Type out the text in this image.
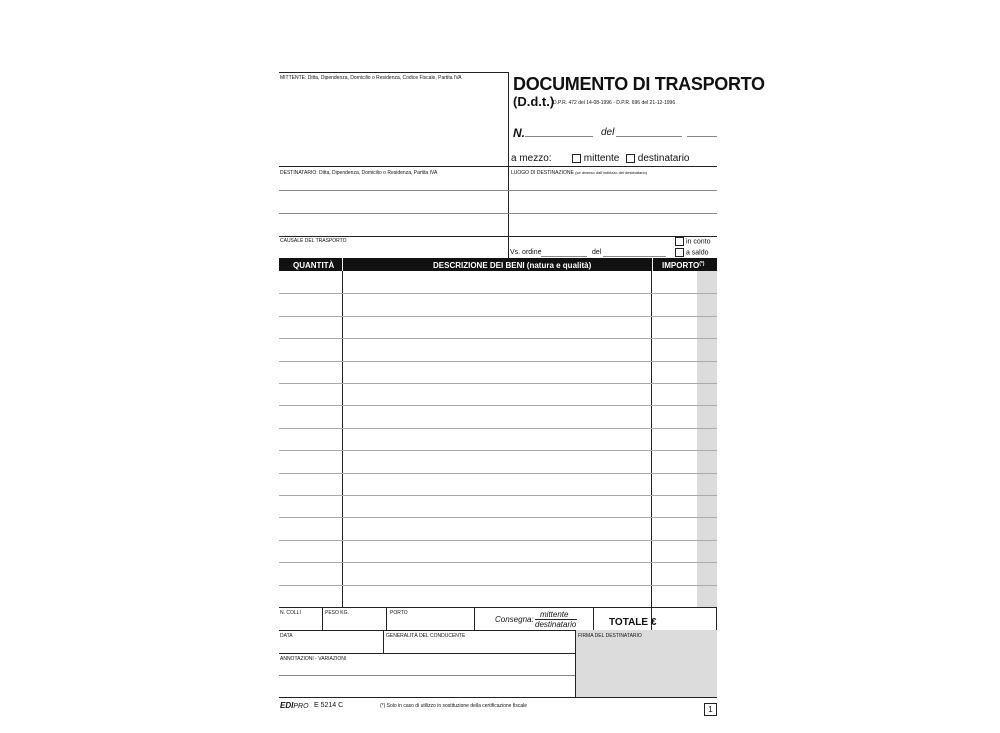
MITTENTE: Ditta, Dipendenza, Domicilio o Residenza, Codice Fiscale, Partita IVA	DOCUMENTO DI TRASPORTO
(D.d.t.)
D.P.R. 472 del 14-08-1996 - D.P.R. 696 del 21-12-1996
N.	del
a mezzo:	mittente	destinatario
DESTINATARIO: Ditta, Dipendenza, Domicilio o Residenza, Partita IVA	LUOGO DI DESTINAZIONE (se diverso dall'indirizzo del destinatario)
CAUSALE DEL TRASPORTO
Vs. ordine	del
in conto
a saldo
QUANTITÀ	DESCRIZIONE DEI BENI (natura e qualità)	IMPORTO(*)
N. COLLI	PESO KG.	PORTO
Consegna:
mittente
destinatario	TOTALE €
DATA	GENERALITÀ DEL CONDUCENTE	FIRMA DEL DESTINATARIO
ANNOTAZIONI - VARIAZIONI
EDIPRO E 5214 C	(*) Solo in caso di utilizzo in sostituzione della certificazione fiscale	1
